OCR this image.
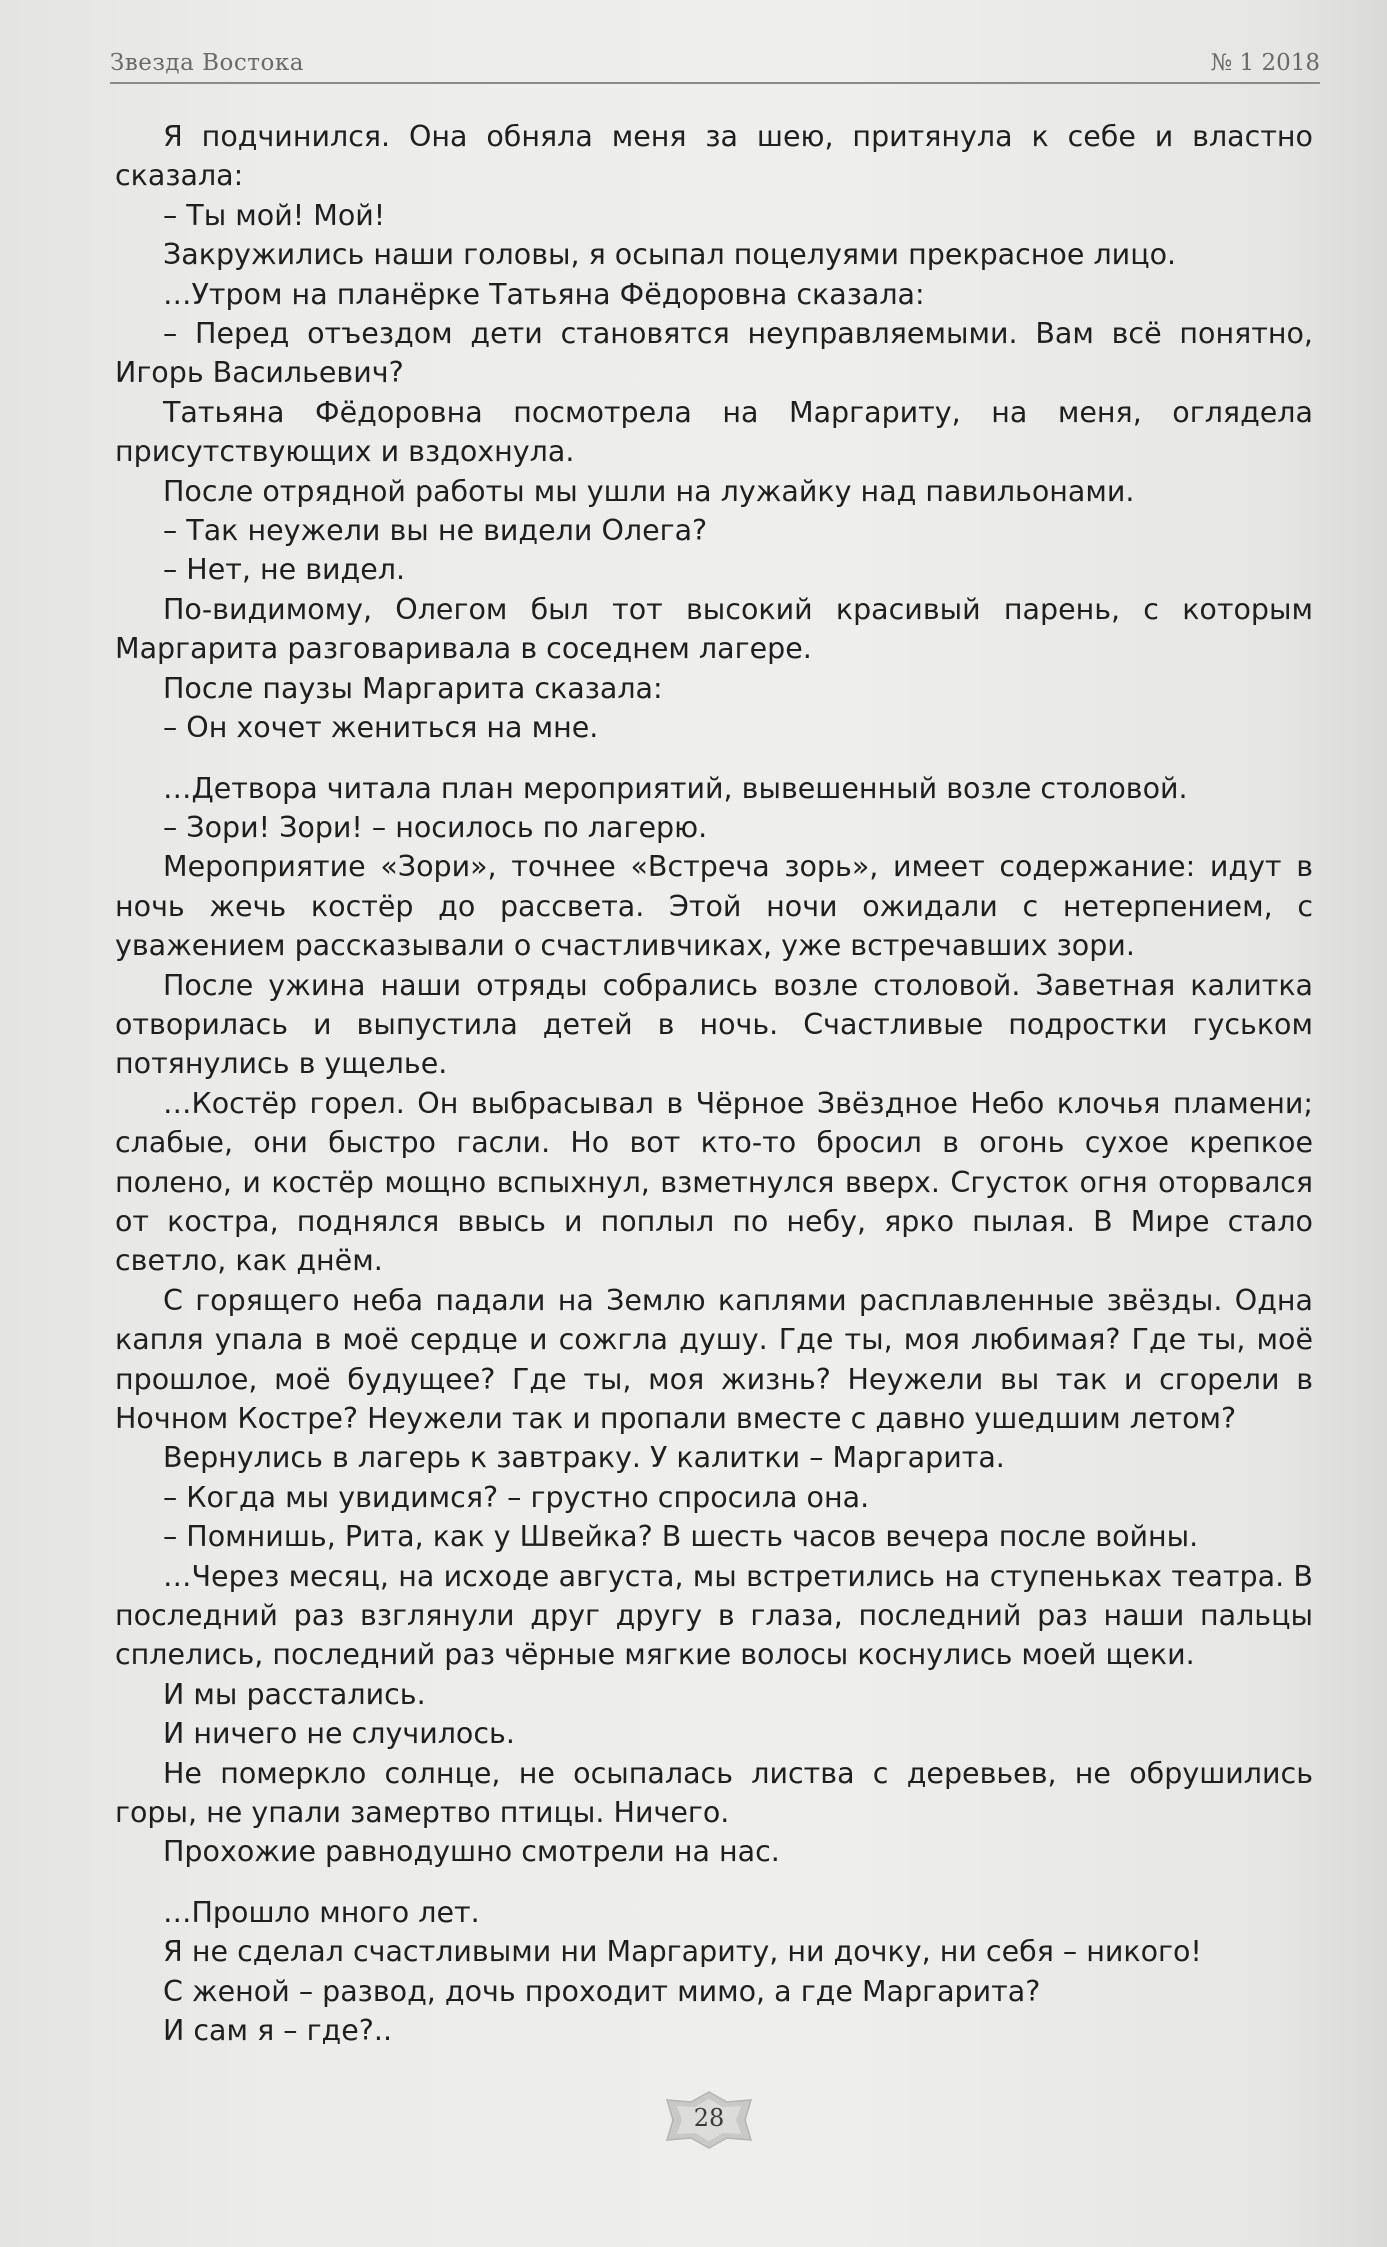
Звезда Востока	№ 1 2018

Я подчинился. Она обняла меня за шею, притянула к себе и властно сказала:

– Ты мой! Мой!

Закружились наши головы, я осыпал поцелуями прекрасное лицо.

…Утром на планёрке Татьяна Фёдоровна сказала:

– Перед отъездом дети становятся неуправляемыми. Вам всё понятно, Игорь Васильевич?

Татьяна Фёдоровна посмотрела на Маргариту, на меня, оглядела присутствующих и вздохнула.

После отрядной работы мы ушли на лужайку над павильонами.

– Так неужели вы не видели Олега?

– Нет, не видел.

По-видимому, Олегом был тот высокий красивый парень, с которым Маргарита разговаривала в соседнем лагере.

После паузы Маргарита сказала:

– Он хочет жениться на мне.

…Детвора читала план мероприятий, вывешенный возле столовой.

– Зори! Зори! – носилось по лагерю.

Мероприятие «Зори», точнее «Встреча зорь», имеет содержание: идут в ночь жечь костёр до рассвета. Этой ночи ожидали с нетерпением, с уважением рассказывали о счастливчиках, уже встречавших зори.

После ужина наши отряды собрались возле столовой. Заветная калитка отворилась и выпустила детей в ночь. Счастливые подростки гуськом потянулись в ущелье.

…Костёр горел. Он выбрасывал в Чёрное Звёздное Небо клочья пламени; слабые, они быстро гасли. Но вот кто-то бросил в огонь сухое крепкое полено, и костёр мощно вспыхнул, взметнулся вверх. Сгусток огня оторвался от костра, поднялся ввысь и поплыл по небу, ярко пылая. В Мире стало светло, как днём.

С горящего неба падали на Землю каплями расплавленные звёзды. Одна капля упала в моё сердце и сожгла душу. Где ты, моя любимая? Где ты, моё прошлое, моё будущее? Где ты, моя жизнь? Неужели вы так и сгорели в Ночном Костре? Неужели так и пропали вместе с давно ушедшим летом?

Вернулись в лагерь к завтраку. У калитки – Маргарита.

– Когда мы увидимся? – грустно спросила она.

– Помнишь, Рита, как у Швейка? В шесть часов вечера после войны.

…Через месяц, на исходе августа, мы встретились на ступеньках театра. В последний раз взглянули друг другу в глаза, последний раз наши пальцы сплелись, последний раз чёрные мягкие волосы коснулись моей щеки.

И мы расстались.

И ничего не случилось.

Не померкло солнце, не осыпалась листва с деревьев, не обрушились горы, не упали замертво птицы. Ничего.

Прохожие равнодушно смотрели на нас.

…Прошло много лет.

Я не сделал счастливыми ни Маргариту, ни дочку, ни себя – никого!

С женой – развод, дочь проходит мимо, а где Маргарита?

И сам я – где?..

28
